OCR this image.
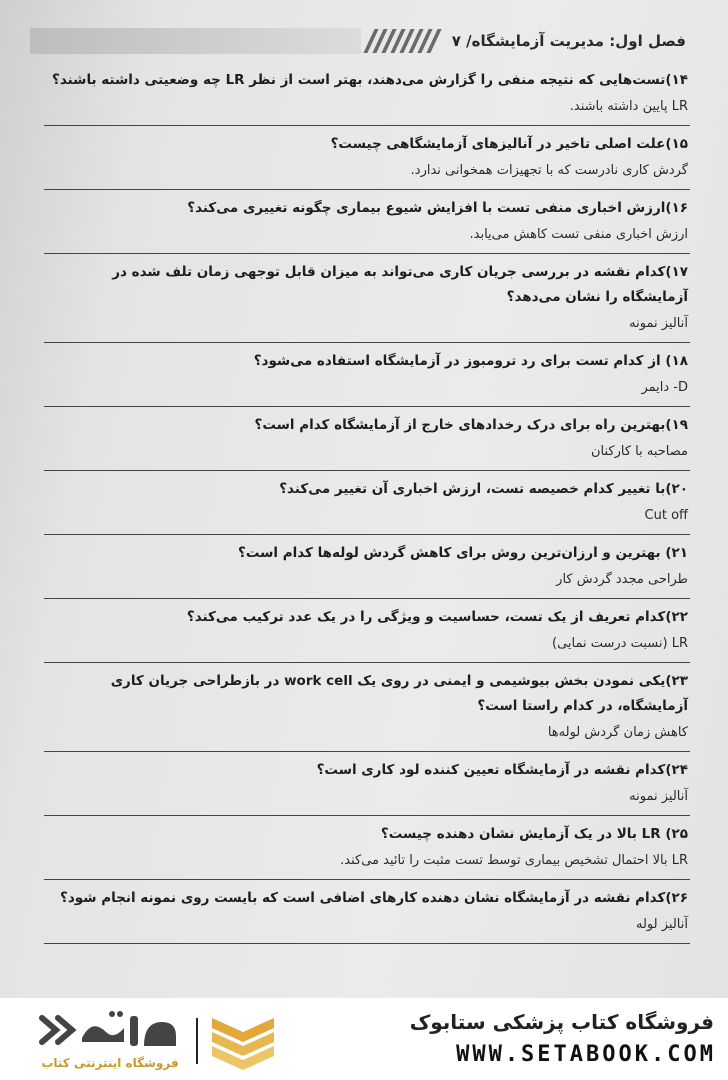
فصل اول: مدیریت آزمایشگاه/ ۷
۱۴)تست‌هایی که نتیجه منفی را گزارش می‌دهند، بهتر است از نظر LR چه وضعیتی داشته باشند؟
LR پایین داشته باشند.
۱۵)علت اصلی تاخیر در آنالیزهای آزمایشگاهی چیست؟
گردش کاری نادرست که با تجهیزات همخوانی ندارد.
۱۶)ارزش اخباری منفی تست با افزایش شیوع بیماری چگونه تغییری می‌کند؟
ارزش اخباری منفی تست کاهش می‌یابد.
۱۷)کدام نقشه در بررسی جریان کاری می‌تواند به میزان قابل توجهی زمان تلف شده در آزمایشگاه را نشان می‌دهد؟
آنالیز نمونه
۱۸) از کدام تست برای رد ترومبوز در آزمایشگاه استفاده می‌شود؟
D- دایمر
۱۹)بهترین راه برای درک رخدادهای خارج از آزمایشگاه کدام است؟
مصاحبه با کارکنان
۲۰)با تغییر کدام خصیصه تست، ارزش اخباری آن تغییر می‌کند؟
Cut off
۲۱) بهترین و ارزان‌ترین روش برای کاهش گردش لوله‌ها کدام است؟
طراحی مجدد گردش کار
۲۲)کدام تعریف از یک تست، حساسیت و ویژگی را در یک عدد ترکیب می‌کند؟
LR (نسبت درست نمایی)
۲۳)یکی نمودن بخش بیوشیمی و ایمنی در روی یک work cell در بازطراحی جریان کاری آزمایشگاه، در کدام راستا است؟
کاهش زمان گردش لوله‌ها
۲۴)کدام نقشه در آزمایشگاه تعیین کننده لود کاری است؟
آنالیز نمونه
۲۵) LR بالا در یک آزمایش نشان دهنده چیست؟
LR بالا احتمال تشخیص بیماری توسط تست مثبت را تائید می‌کند.
۲۶)کدام نقشه در آزمایشگاه نشان دهنده کارهای اضافی است که بایست روی نمونه انجام شود؟
آنالیز لوله
فروشگاه کتاب پزشکی ستابوک
WWW.SETABOOK.COM
فروشگاه اینترنتی کتاب
